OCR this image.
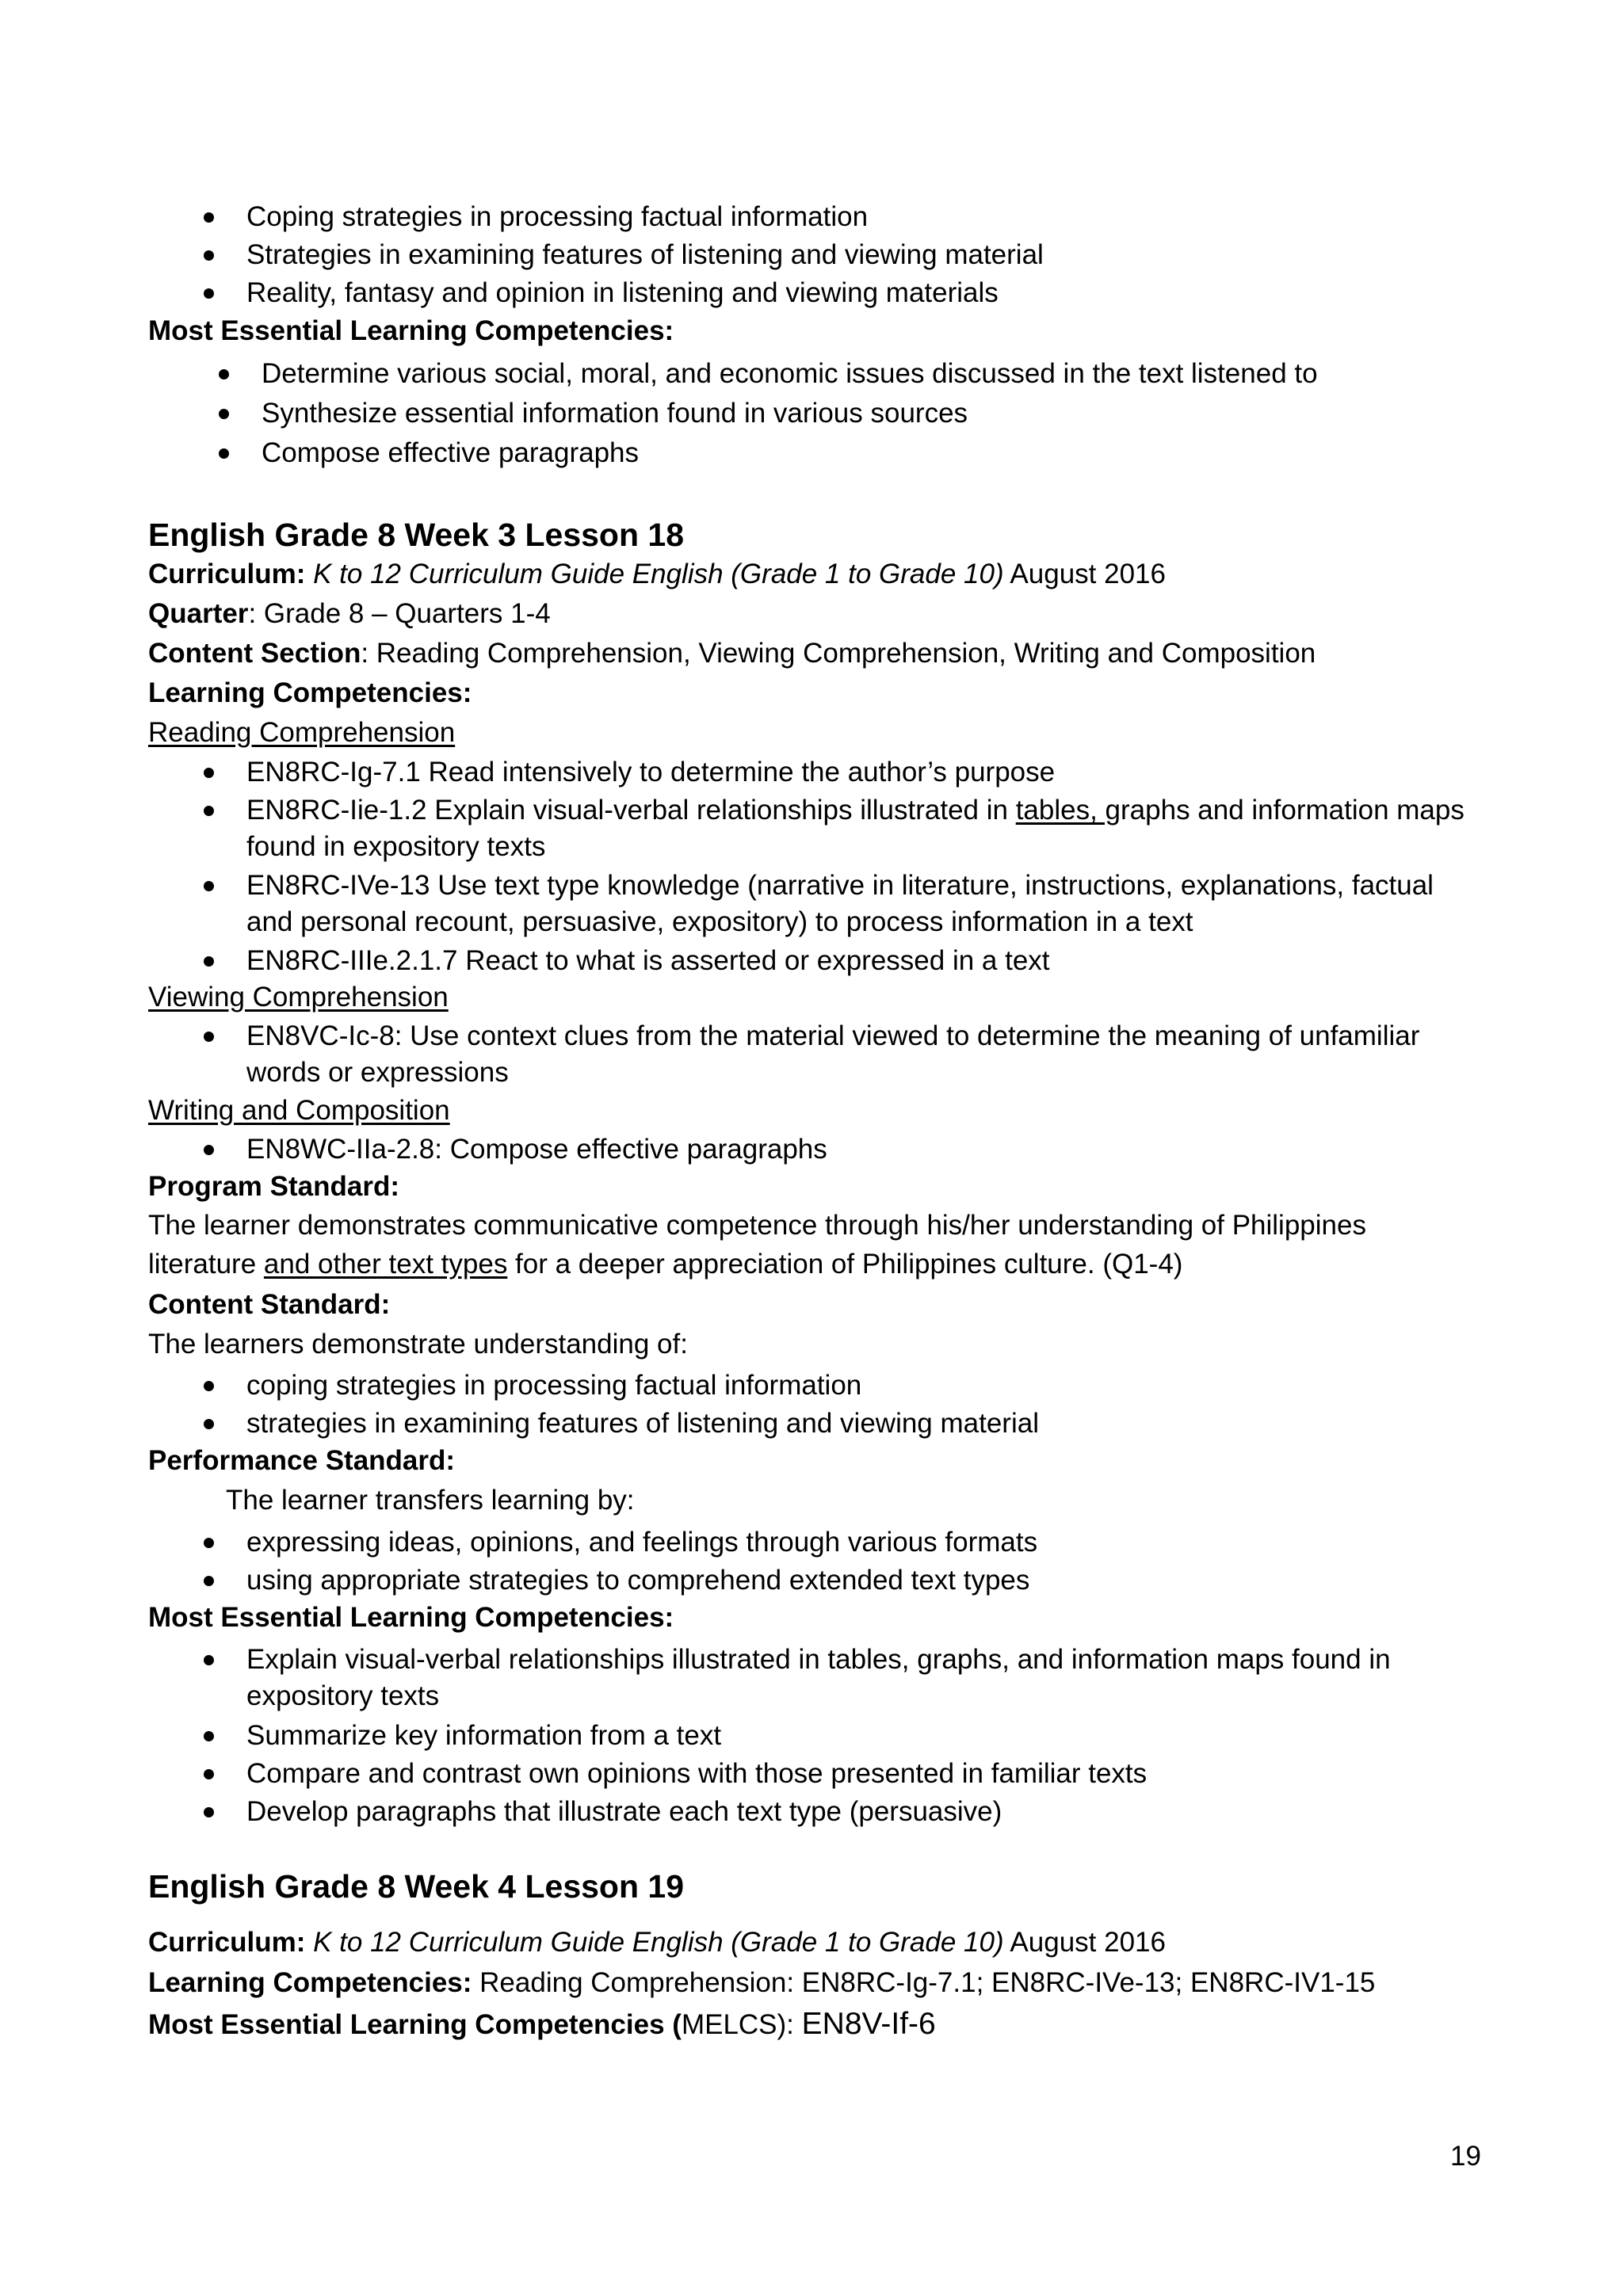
Coping strategies in processing factual information
Strategies in examining features of listening and viewing material
Reality, fantasy and opinion in listening and viewing materials
Most Essential Learning Competencies:
Determine various social, moral, and economic issues discussed in the text listened to
Synthesize essential information found in various sources
Compose effective paragraphs
English Grade 8 Week 3 Lesson 18
Curriculum: K to 12 Curriculum Guide English (Grade 1 to Grade 10) August 2016
Quarter: Grade 8 – Quarters 1-4
Content Section: Reading Comprehension, Viewing Comprehension, Writing and Composition
Learning Competencies:
Reading Comprehension
EN8RC-Ig-7.1 Read intensively to determine the author’s purpose
EN8RC-Iie-1.2 Explain visual-verbal relationships illustrated in tables, graphs and information maps
found in expository texts
EN8RC-IVe-13 Use text type knowledge (narrative in literature, instructions, explanations, factual
and personal recount, persuasive, expository) to process information in a text
EN8RC-IIIe.2.1.7 React to what is asserted or expressed in a text
Viewing Comprehension
EN8VC-Ic-8: Use context clues from the material viewed to determine the meaning of unfamiliar
words or expressions
Writing and Composition
EN8WC-IIa-2.8: Compose effective paragraphs
Program Standard:
The learner demonstrates communicative competence through his/her understanding of Philippines
literature and other text types for a deeper appreciation of Philippines culture. (Q1-4)
Content Standard:
The learners demonstrate understanding of:
coping strategies in processing factual information
strategies in examining features of listening and viewing material
Performance Standard:
The learner transfers learning by:
expressing ideas, opinions, and feelings through various formats
using appropriate strategies to comprehend extended text types
Most Essential Learning Competencies:
Explain visual-verbal relationships illustrated in tables, graphs, and information maps found in
expository texts
Summarize key information from a text
Compare and contrast own opinions with those presented in familiar texts
Develop paragraphs that illustrate each text type (persuasive)
English Grade 8 Week 4 Lesson 19
Curriculum: K to 12 Curriculum Guide English (Grade 1 to Grade 10) August 2016
Learning Competencies: Reading Comprehension: EN8RC-Ig-7.1; EN8RC-IVe-13; EN8RC-IV1-15
Most Essential Learning Competencies (MELCS): EN8V-If-6
19
